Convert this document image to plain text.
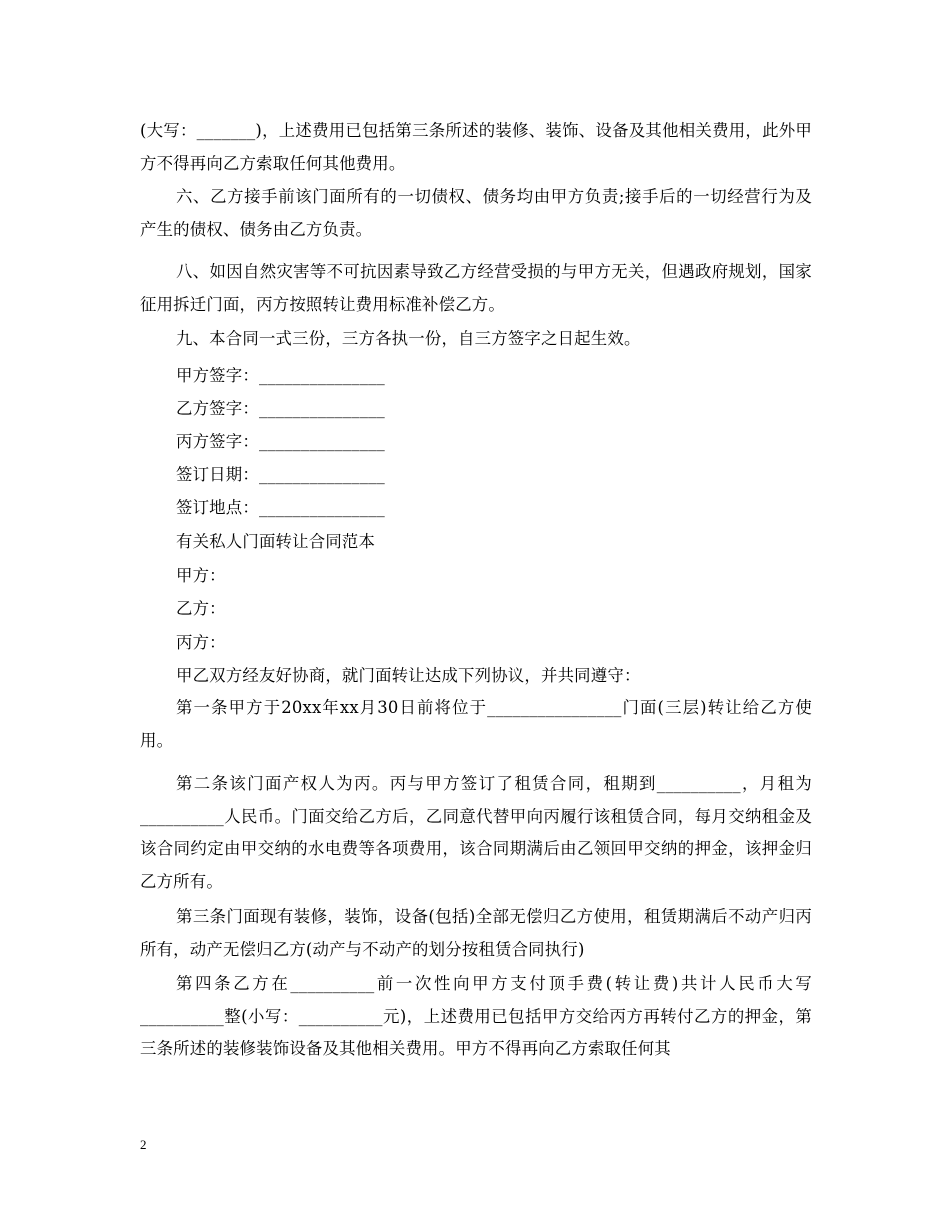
(大写：_______)，上述费用已包括第三条所述的装修、装饰、设备及其他相关费用，此外甲方不得再向乙方索取任何其他费用。
六、乙方接手前该门面所有的一切债权、债务均由甲方负责;接手后的一切经营行为及产生的债权、债务由乙方负责。
八、如因自然灾害等不可抗因素导致乙方经营受损的与甲方无关，但遇政府规划，国家征用拆迁门面，丙方按照转让费用标准补偿乙方。
九、本合同一式三份，三方各执一份，自三方签字之日起生效。
甲方签字：_______________
乙方签字：_______________
丙方签字：_______________
签订日期：_______________
签订地点：_______________
有关私人门面转让合同范本
甲方：
乙方：
丙方：
甲乙双方经友好协商，就门面转让达成下列协议，并共同遵守：
第一条甲方于20xx年xx月30日前将位于________________门面(三层)转让给乙方使用。
第二条该门面产权人为丙。丙与甲方签订了租赁合同，租期到__________，月租为__________人民币。门面交给乙方后，乙同意代替甲向丙履行该租赁合同，每月交纳租金及该合同约定由甲交纳的水电费等各项费用，该合同期满后由乙领回甲交纳的押金，该押金归乙方所有。
第三条门面现有装修，装饰，设备(包括)全部无偿归乙方使用，租赁期满后不动产归丙所有，动产无偿归乙方(动产与不动产的划分按租赁合同执行)
第四条乙方在__________前一次性向甲方支付顶手费(转让费)共计人民币大写__________整(小写：__________元)，上述费用已包括甲方交给丙方再转付乙方的押金，第三条所述的装修装饰设备及其他相关费用。甲方不得再向乙方索取任何其
2
